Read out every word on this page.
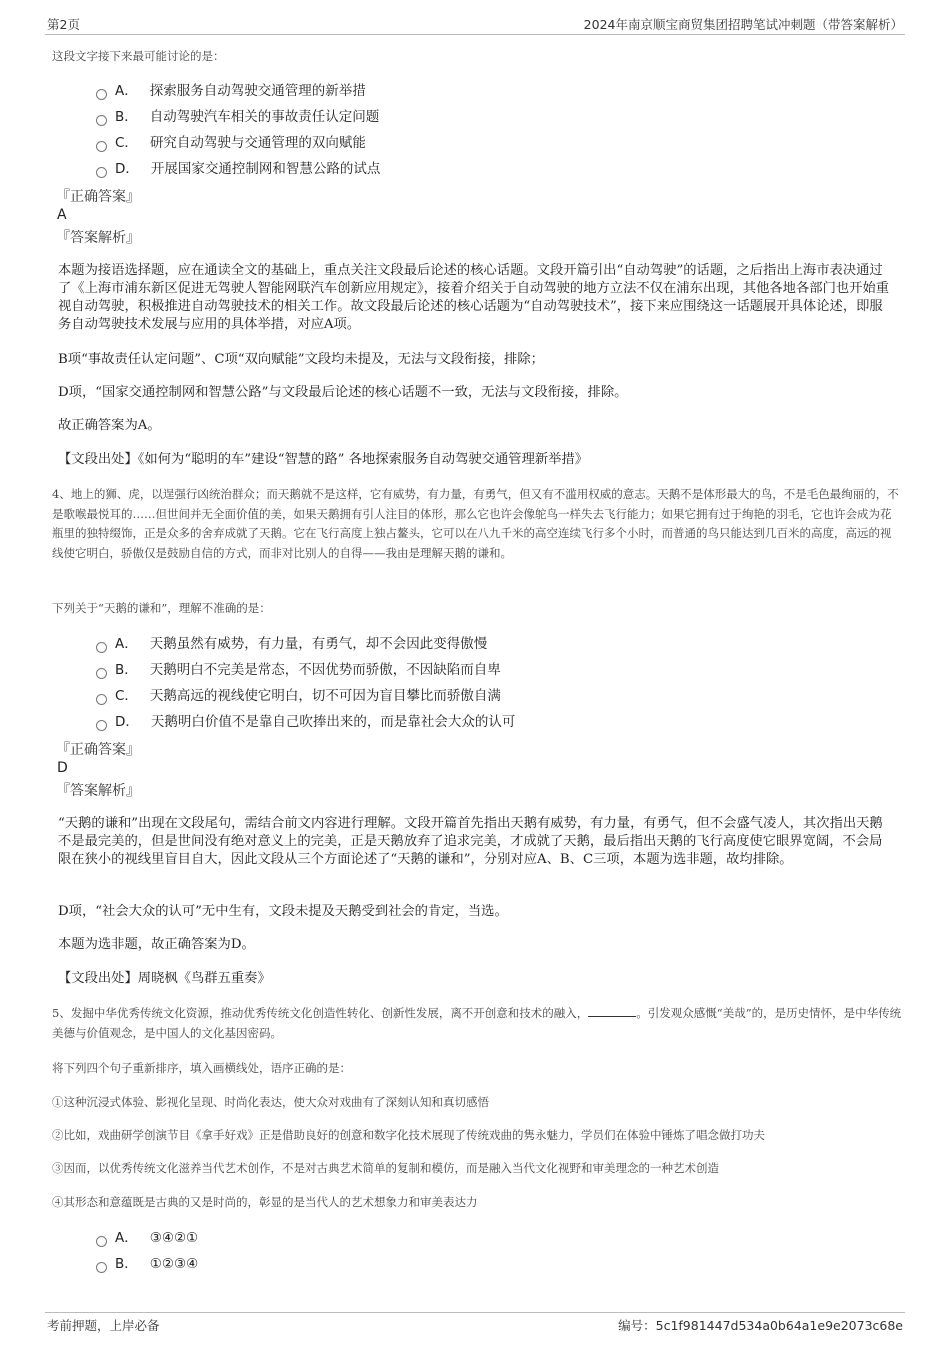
第2页	2024年南京顺宝商贸集团招聘笔试冲刺题（带答案解析）
这段文字接下来最可能讨论的是：
A． 探索服务自动驾驶交通管理的新举措
B． 自动驾驶汽车相关的事故责任认定问题
C． 研究自动驾驶与交通管理的双向赋能
D． 开展国家交通控制网和智慧公路的试点
『正确答案』
A
『答案解析』
本题为接语选择题，应在通读全文的基础上，重点关注文段最后论述的核心话题。文段开篇引出“自动驾驶”的话题，之后指出上海市表决通过了《上海市浦东新区促进无驾驶人智能网联汽车创新应用规定》，接着介绍关于自动驾驶的地方立法不仅在浦东出现，其他各地各部门也开始重视自动驾驶，积极推进自动驾驶技术的相关工作。故文段最后论述的核心话题为“自动驾驶技术”，接下来应围绕这一话题展开具体论述，即服务自动驾驶技术发展与应用的具体举措，对应A项。
B项“事故责任认定问题”、C项“双向赋能”文段均未提及，无法与文段衔接，排除；
D项，“国家交通控制网和智慧公路”与文段最后论述的核心话题不一致，无法与文段衔接，排除。
故正确答案为A。
【文段出处】《如何为“聪明的车”建设“智慧的路” 各地探索服务自动驾驶交通管理新举措》
4、地上的狮、虎，以逞强行凶统治群众；而天鹅就不是这样，它有威势，有力量，有勇气，但又有不滥用权威的意志。天鹅不是体形最大的鸟，不是毛色最绚丽的，不是歌喉最悦耳的……但世间并无全面价值的美，如果天鹅拥有引人注目的体形，那么它也许会像鸵鸟一样失去飞行能力；如果它拥有过于绚艳的羽毛，它也许会成为花瓶里的独特缀饰，正是众多的舍弃成就了天鹅。它在飞行高度上独占鳌头，它可以在八九千米的高空连续飞行多个小时，而普通的鸟只能达到几百米的高度，高远的视线使它明白，骄傲仅是鼓励自信的方式，而非对比别人的自得——我由是理解天鹅的谦和。
下列关于“天鹅的谦和”，理解不准确的是：
A． 天鹅虽然有威势，有力量，有勇气，却不会因此变得傲慢
B． 天鹅明白不完美是常态，不因优势而骄傲，不因缺陷而自卑
C． 天鹅高远的视线使它明白，切不可因为盲目攀比而骄傲自满
D． 天鹅明白价值不是靠自己吹捧出来的，而是靠社会大众的认可
『正确答案』
D
『答案解析』
“天鹅的谦和”出现在文段尾句，需结合前文内容进行理解。文段开篇首先指出天鹅有威势，有力量，有勇气，但不会盛气凌人，其次指出天鹅不是最完美的，但是世间没有绝对意义上的完美，正是天鹅放弃了追求完美，才成就了天鹅，最后指出天鹅的飞行高度使它眼界宽阔，不会局限在狭小的视线里盲目自大，因此文段从三个方面论述了“天鹅的谦和”，分别对应A、B、C三项，本题为选非题，故均排除。
D项，“社会大众的认可”无中生有，文段未提及天鹅受到社会的肯定，当选。
本题为选非题，故正确答案为D。
【文段出处】周晓枫《鸟群五重奏》
5、发掘中华优秀传统文化资源，推动优秀传统文化创造性转化、创新性发展，离不开创意和技术的融入，	。引发观众感慨“美哉”的，是历史情怀，是中华传统美德与价值观念，是中国人的文化基因密码。
将下列四个句子重新排序，填入画横线处，语序正确的是：
①这种沉浸式体验、影视化呈现、时尚化表达，使大众对戏曲有了深刻认知和真切感悟
②比如，戏曲研学创演节目《拿手好戏》正是借助良好的创意和数字化技术展现了传统戏曲的隽永魅力，学员们在体验中锤炼了唱念做打功夫
③因而，以优秀传统文化滋养当代艺术创作，不是对古典艺术简单的复制和模仿，而是融入当代文化视野和审美理念的一种艺术创造
④其形态和意蕴既是古典的又是时尚的，彰显的是当代人的艺术想象力和审美表达力
A． ③④②①
B． ①②③④
考前押题，上岸必备	编号：5c1f981447d534a0b64a1e9e2073c68e
